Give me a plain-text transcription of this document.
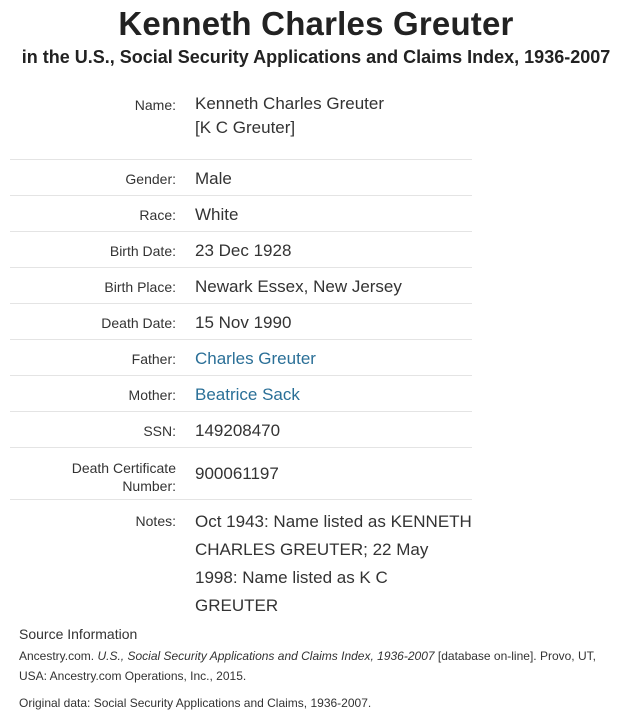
Kenneth Charles Greuter
in the U.S., Social Security Applications and Claims Index, 1936-2007
Name:	Kenneth Charles Greuter
[K C Greuter]

Gender:	Male
Race:	White
Birth Date:	23 Dec 1928
Birth Place:	Newark Essex, New Jersey
Death Date:	15 Nov 1990
Father:	Charles Greuter
Mother:	Beatrice Sack
SSN:	149208470

Death Certificate
Number:	900061197
Notes:	Oct 1943: Name listed as KENNETH CHARLES GREUTER; 22 May 1998: Name listed as K C GREUTER
Source Information
Ancestry.com. U.S., Social Security Applications and Claims Index, 1936-2007 [database on-line]. Provo, UT, USA: Ancestry.com Operations, Inc., 2015.
Original data: Social Security Applications and Claims, 1936-2007.
